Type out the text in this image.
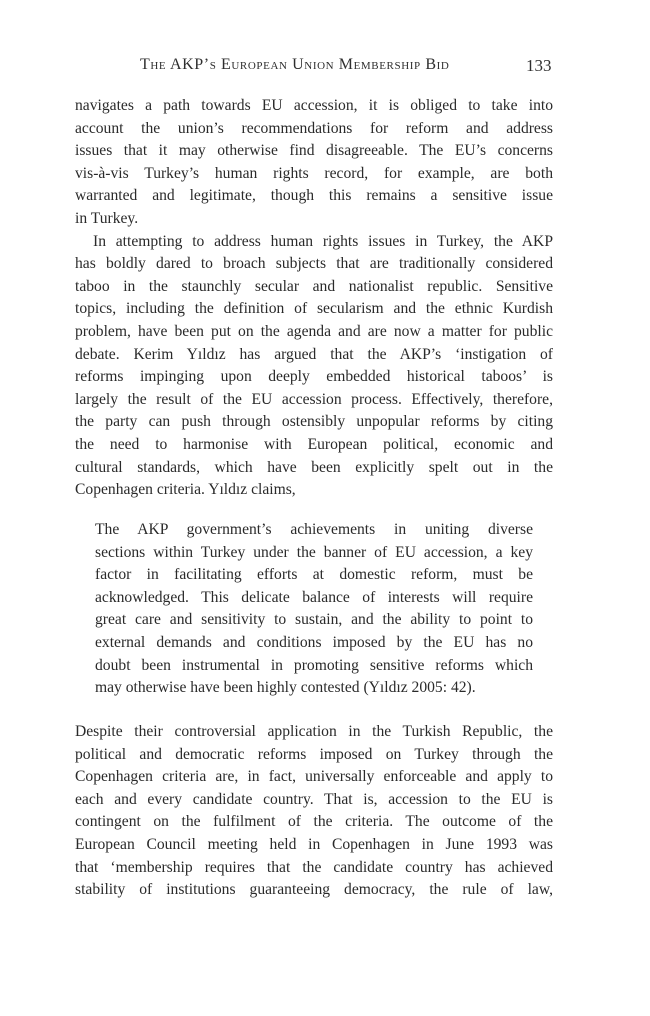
The AKP’s European Union Membership Bid	133
navigates a path towards EU accession, it is obliged to take into
account the union’s recommendations for reform and address
issues that it may otherwise find disagreeable. The EU’s concerns
vis-à-vis Turkey’s human rights record, for example, are both
warranted and legitimate, though this remains a sensitive issue
in Turkey.
In attempting to address human rights issues in Turkey, the AKP
has boldly dared to broach subjects that are traditionally considered
taboo in the staunchly secular and nationalist republic. Sensitive
topics, including the definition of secularism and the ethnic Kurdish
problem, have been put on the agenda and are now a matter for public
debate. Kerim Yıldız has argued that the AKP’s ‘instigation of
reforms impinging upon deeply embedded historical taboos’ is
largely the result of the EU accession process. Effectively, therefore,
the party can push through ostensibly unpopular reforms by citing
the need to harmonise with European political, economic and
cultural standards, which have been explicitly spelt out in the
Copenhagen criteria. Yıldız claims,
The AKP government’s achievements in uniting diverse
sections within Turkey under the banner of EU accession, a key
factor in facilitating efforts at domestic reform, must be
acknowledged. This delicate balance of interests will require
great care and sensitivity to sustain, and the ability to point to
external demands and conditions imposed by the EU has no
doubt been instrumental in promoting sensitive reforms which
may otherwise have been highly contested (Yıldız 2005: 42).
Despite their controversial application in the Turkish Republic, the
political and democratic reforms imposed on Turkey through the
Copenhagen criteria are, in fact, universally enforceable and apply to
each and every candidate country. That is, accession to the EU is
contingent on the fulfilment of the criteria. The outcome of the
European Council meeting held in Copenhagen in June 1993 was
that ‘membership requires that the candidate country has achieved
stability of institutions guaranteeing democracy, the rule of law,
